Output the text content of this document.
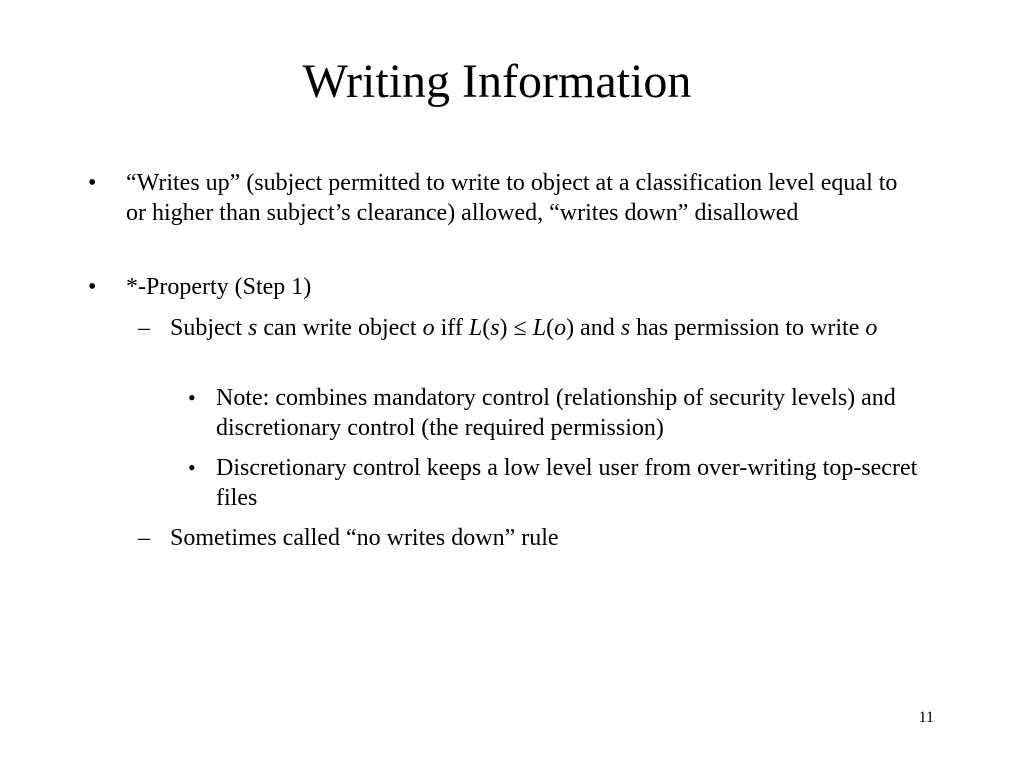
Writing Information
• “Writes up” (subject permitted to write to object at a classification level equal to or higher than subject’s clearance) allowed, “writes down” disallowed
• *-Property (Step 1)
– Subject s can write object o iff L(s) ≤ L(o) and s has permission to write o
• Note: combines mandatory control (relationship of security levels) and discretionary control (the required permission)
• Discretionary control keeps a low level user from over-writing top-secret files
– Sometimes called “no writes down” rule
11
